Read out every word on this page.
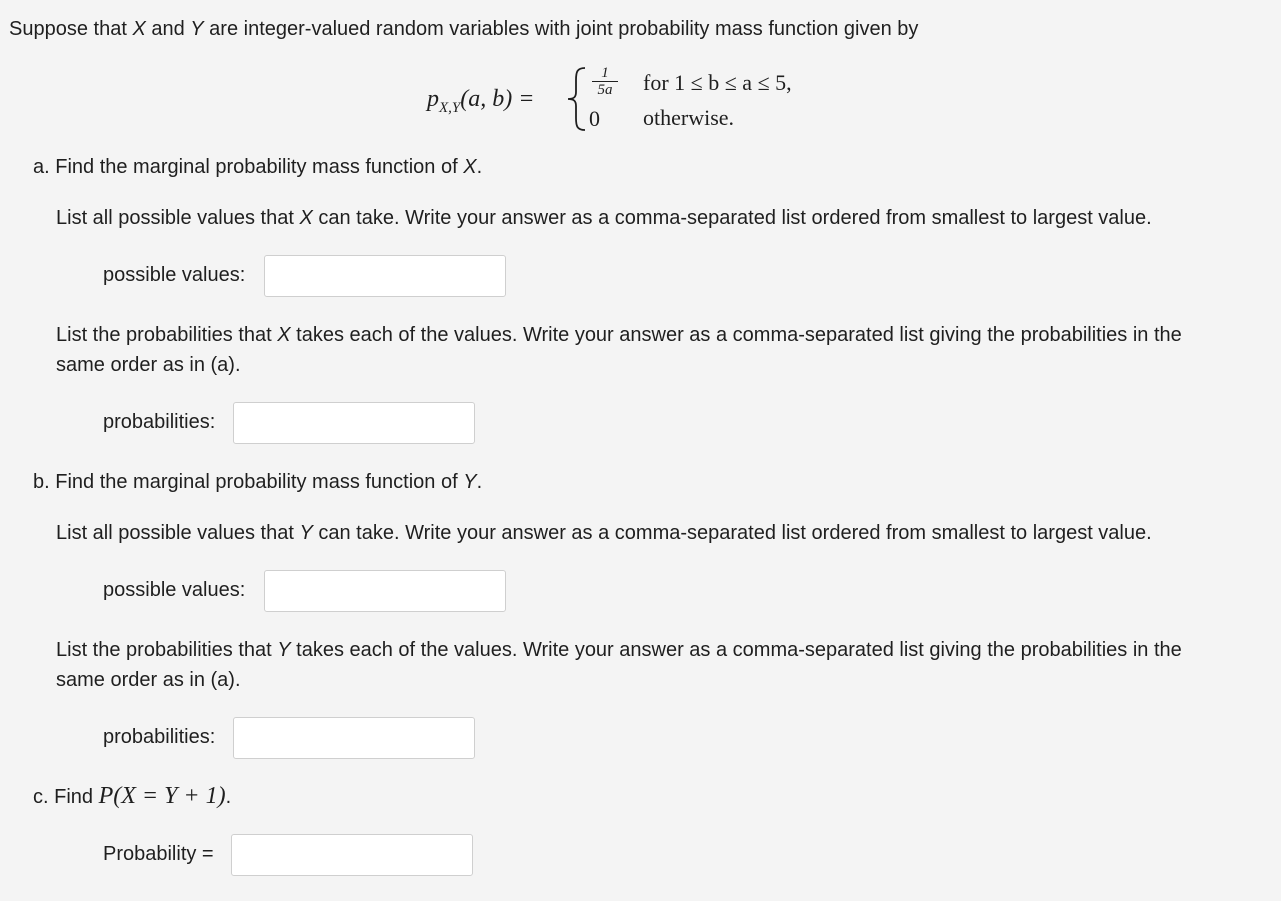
Suppose that X and Y are integer-valued random variables with joint probability mass function given by
$p_{X,Y}(a$, b) =
$\frac{1}{5a}$
0
for 1 ≤ b ≤ a ≤ 5,
otherwise.
a. Find the marginal probability mass function of X.
List all possible values that X can take. Write your answer as a comma-separated list ordered from smallest to largest value.
possible values:
List the probabilities that X takes each of the values. Write your answer as a comma-separated list giving the probabilities in the
same order as in (a).
probabilities:
b. Find the marginal probability mass function of Y.
List all possible values that Y can take. Write your answer as a comma-separated list ordered from smallest to largest value.
possible values:
List the probabilities that Y takes each of the values. Write your answer as a comma-separated list giving the probabilities in the
same order as in (a).
probabilities:
c. Find P(X = Y + 1).
Probability =
